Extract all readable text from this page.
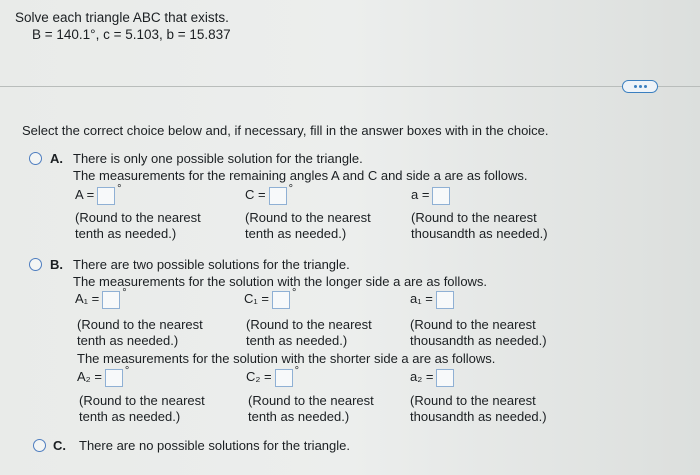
Solve each triangle ABC that exists.
B = 140.1°, c = 5.103, b = 15.837
Select the correct choice below and, if necessary, fill in the answer boxes with in the choice.
A. There is only one possible solution for the triangle.
The measurements for the remaining angles A and C and side a are as follows.
A = °	C = °	a =
(Round to the nearest
tenth as needed.)
(Round to the nearest
tenth as needed.)
(Round to the nearest
thousandth as needed.)
B. There are two possible solutions for the triangle.
The measurements for the solution with the longer side a are as follows.
A₁ = °	C₁ = °	a₁ =
(Round to the nearest
tenth as needed.)
(Round to the nearest
tenth as needed.)
(Round to the nearest
thousandth as needed.)
The measurements for the solution with the shorter side a are as follows.
A₂ = °	C₂ = °	a₂ =
(Round to the nearest
tenth as needed.)
(Round to the nearest
tenth as needed.)
(Round to the nearest
thousandth as needed.)
C. There are no possible solutions for the triangle.
